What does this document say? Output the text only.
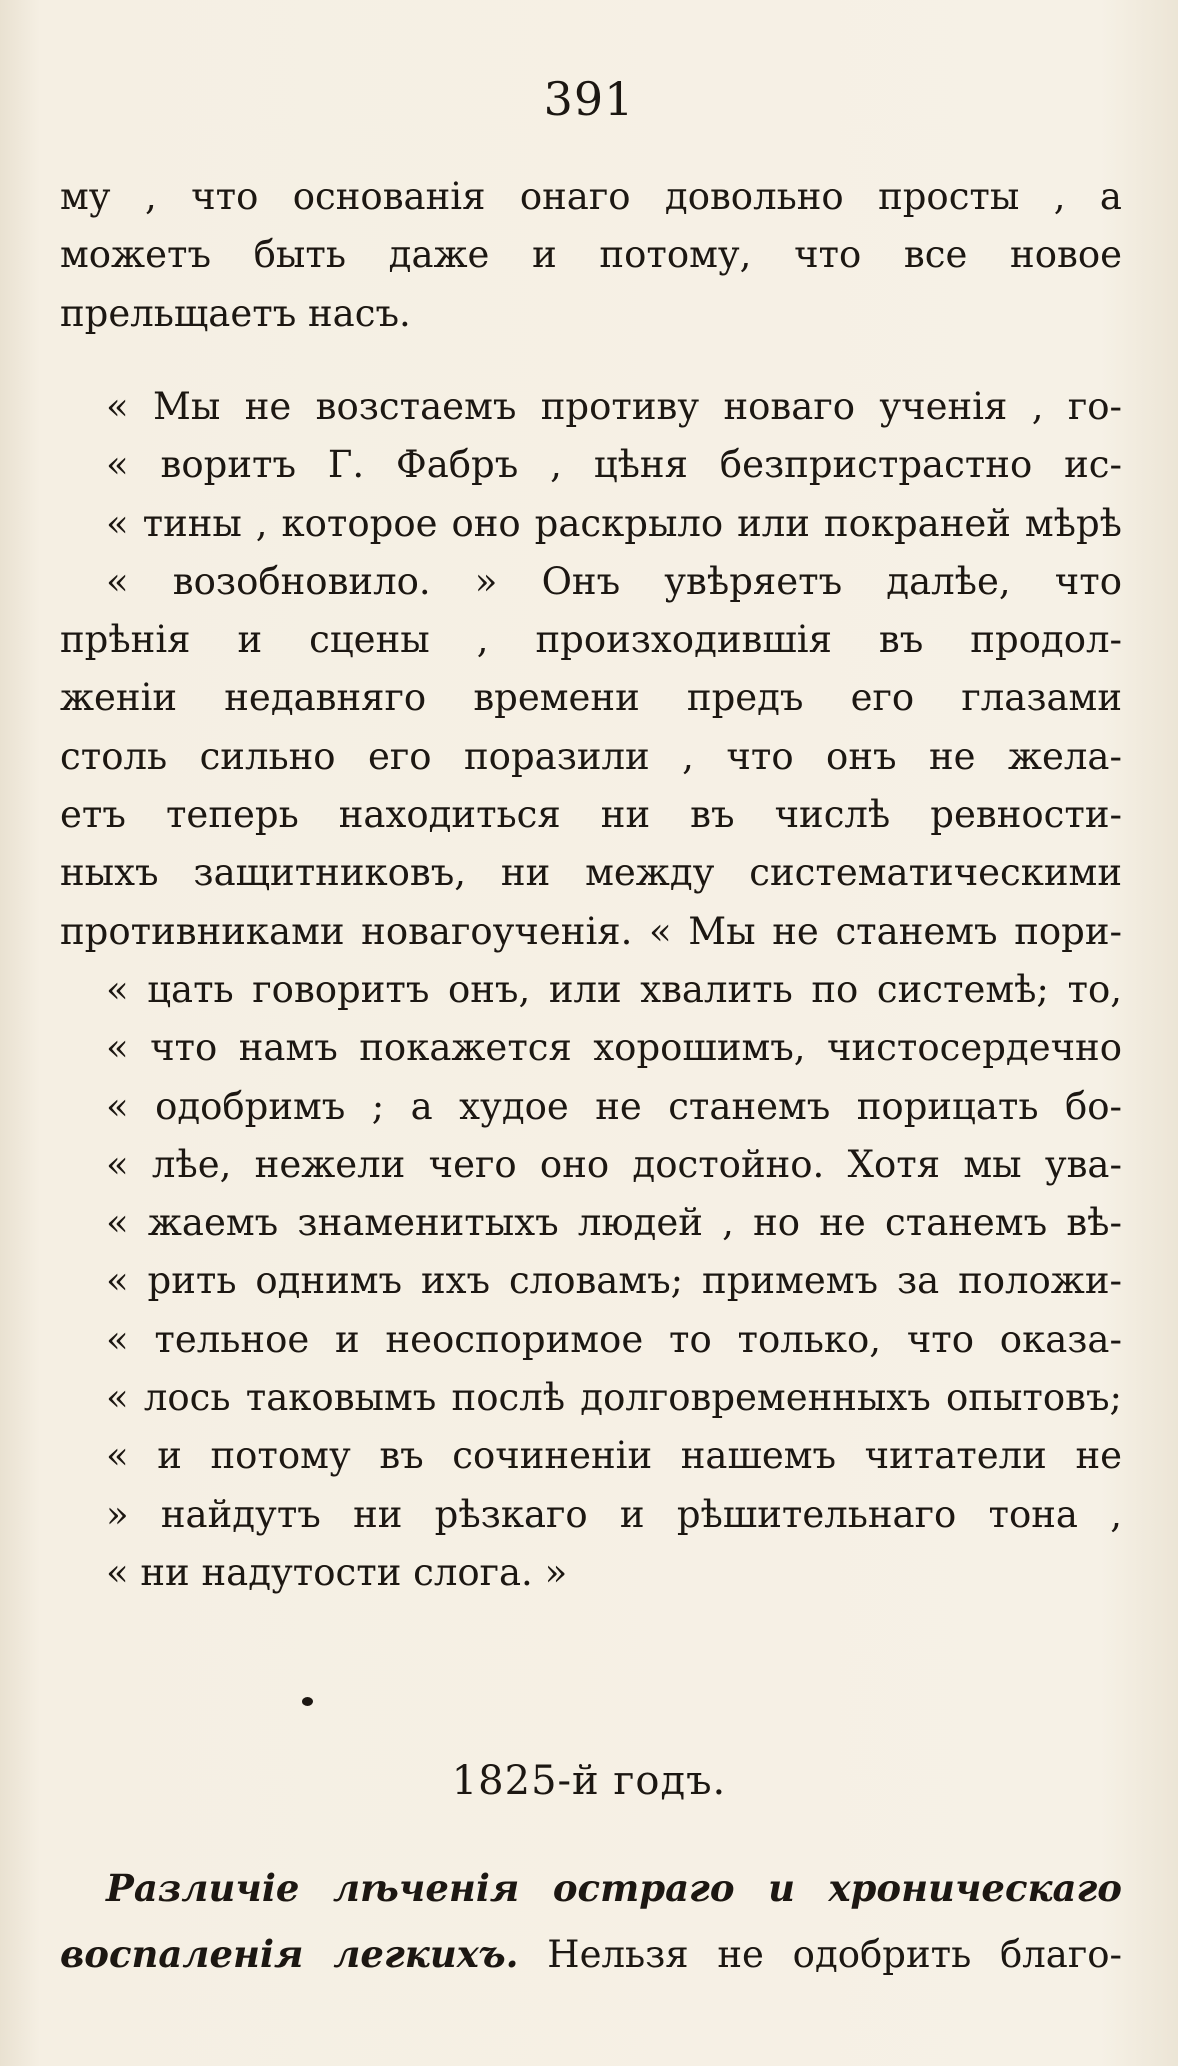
391
му , что основанія онаго довольно просты , а
можетъ быть даже и потому, что все новое
прельщаетъ насъ.
« Мы не возстаемъ противу новаго ученія , го-
« воритъ Г. Фабръ , цѣня безпристрастно ис-
« тины , которое оно раскрыло или покраней мѣрѣ
« возобновило. » Онъ увѣряетъ далѣе, что
прѣнія и сцены , произходившія въ продол-
женіи недавняго времени предъ его глазами
столь сильно его поразили , что онъ не жела-
етъ теперь находиться ни въ числѣ ревности-
ныхъ защитниковъ, ни между систематическими
противниками новагоученія. « Мы не станемъ пори-
« цать говоритъ онъ, или хвалить по системѣ; то,
« что намъ покажется хорошимъ, чистосердечно
« одобримъ ; а худое не станемъ порицать бо-
« лѣе, нежели чего оно достойно. Хотя мы ува-
« жаемъ знаменитыхъ людей , но не станемъ вѣ-
« рить однимъ ихъ словамъ; примемъ за положи-
« тельное и неоспоримое то только, что оказа-
« лось таковымъ послѣ долговременныхъ опытовъ;
« и потому въ сочиненіи нашемъ читатели не
» найдутъ ни рѣзкаго и рѣшительнаго тона ,
« ни надутости слога. »
1825-й годъ.
Различіе лѣченія остраго и хроническаго
воспаленія легкихъ. Нельзя не одобрить благо-
